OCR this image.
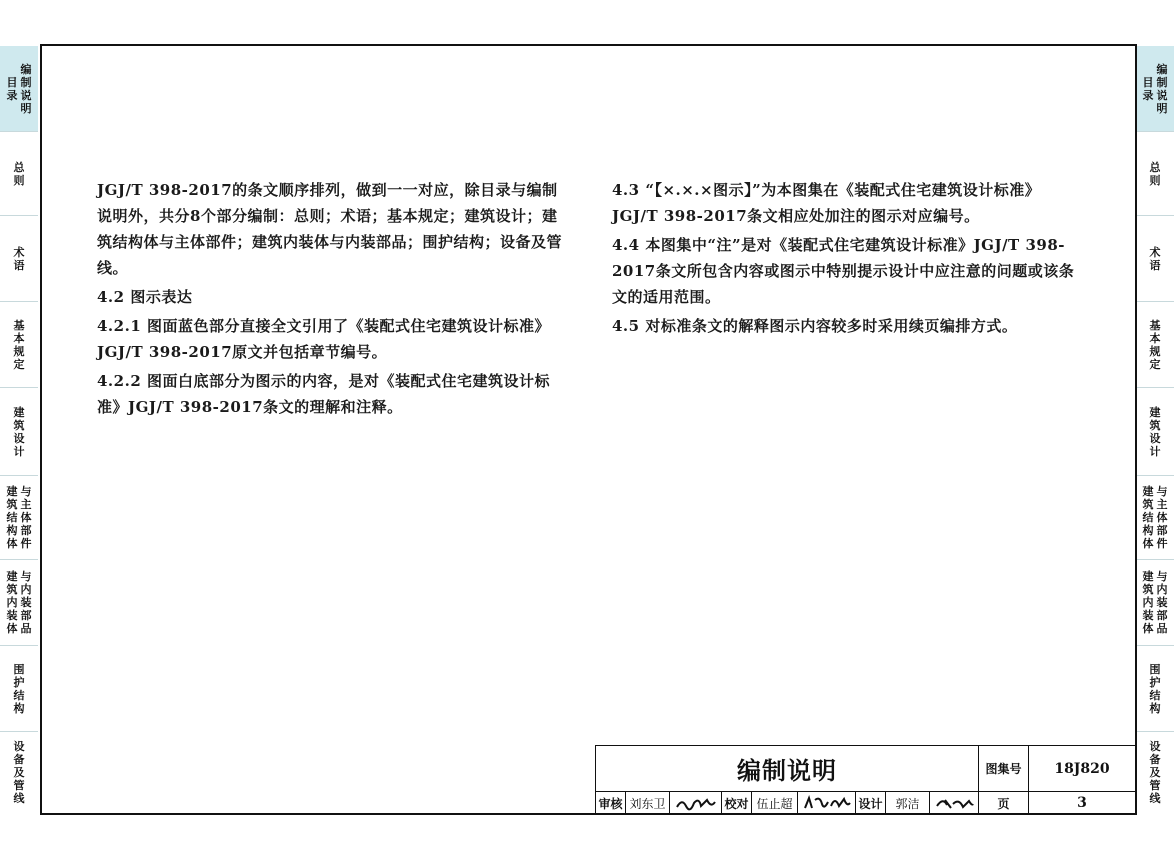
目
录
编
制
说
明
总
则
术
语
基
本
规
定
建
筑
设
计
建
筑
结
构
体
与
主
体
部
件
建
筑
内
装
体
与
内
装
部
品
围
护
结
构
设
备
及
管
线
目
录
编
制
说
明
总
则
术
语
基
本
规
定
建
筑
设
计
建
筑
结
构
体
与
主
体
部
件
建
筑
内
装
体
与
内
装
部
品
围
护
结
构
设
备
及
管
线

JGJ/T 398-2017的条文顺序排列，做到一一对应，除目录与编制说明外，共分8个部分编制：总则；术语；基本规定；建筑设计；建筑结构体与主体部件；建筑内装体与内装部品；围护结构；设备及管线。

4.2 图示表达

4.2.1 图面蓝色部分直接全文引用了《装配式住宅建筑设计标准》JGJ/T 398-2017原文并包括章节编号。

4.2.2 图面白底部分为图示的内容，是对《装配式住宅建筑设计标准》JGJ/T 398-2017条文的理解和注释。

4.3 “【×.×.×图示】”为本图集在《装配式住宅建筑设计标准》JGJ/T 398-2017条文相应处加注的图示对应编号。

4.4 本图集中“注”是对《装配式住宅建筑设计标准》JGJ/T 398-2017条文所包含内容或图示中特别提示设计中应注意的问题或该条文的适用范围。

4.5 对标准条文的解释图示内容较多时采用续页编排方式。

编制说明	图集号	18J820
审核 刘东卫	校对 伍止超	设计	郭洁	页	3
